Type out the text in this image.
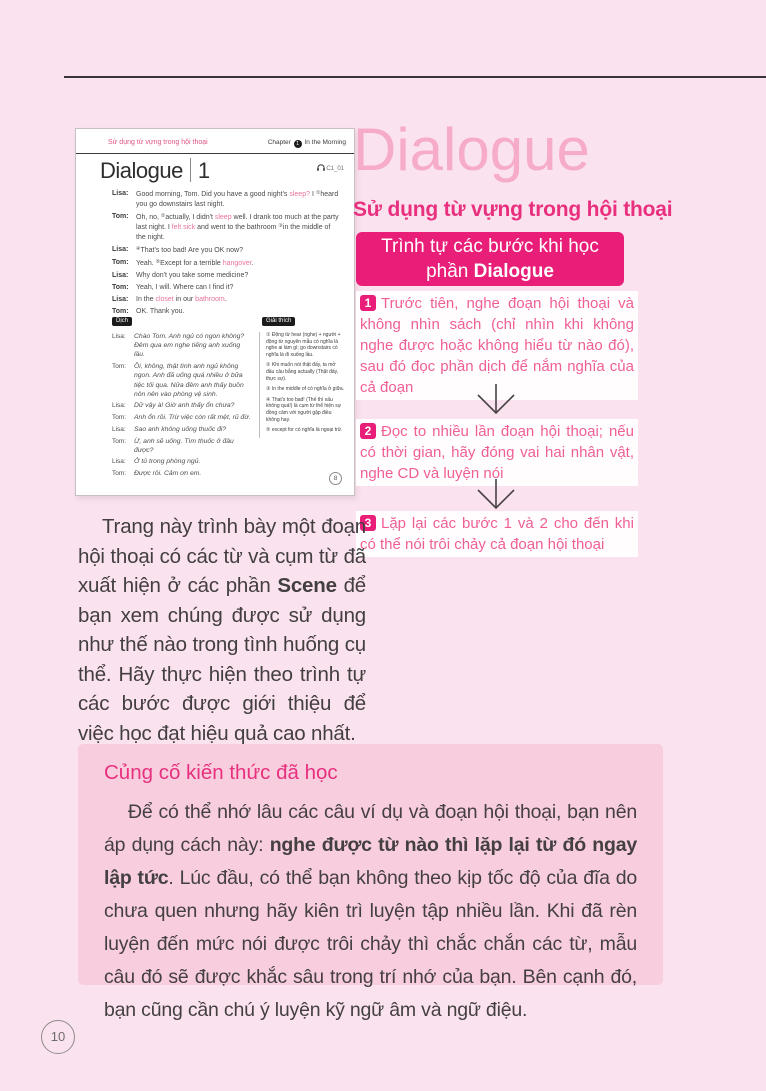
Sử dụng từ vựng trong hội thoại	Chapter 1 In the Morning
Dialogue 1	C1_01
Lisa:	Good morning, Tom. Did you have a good night's sleep? I ①heard you go downstairs last night.
Tom:	Oh, no, ②actually, I didn't sleep well. I drank too much at the party last night. I felt sick and went to the bathroom ③in the middle of the night.
Lisa:	④That's too bad! Are you OK now?
Tom:	Yeah. ⑤Except for a terrible hangover.
Lisa:	Why don't you take some medicine?
Tom:	Yeah, I will. Where can I find it?
Lisa:	In the closet in our bathroom.
Tom:	OK. Thank you.
Dịch	Giải thích
Lisa:	Chào Tom. Anh ngủ có ngon không? Đêm qua em nghe tiếng anh xuống lầu.
Tom:	Ồi, không, thật tình anh ngủ không ngon. Anh đã uống quá nhiều ở bữa tiệc tối qua. Nửa đêm anh thấy buồn nôn nên vào phòng vệ sinh.
Lisa:	Dữ vậy à! Giờ anh thấy ổn chưa?
Tom:	Anh ổn rồi. Trừ việc còn rất mệt, rũ đừ.
Lisa:	Sao anh không uống thuốc đi?
Tom:	Ừ, anh sẽ uống. Tìm thuốc ở đâu được?
Lisa:	Ở tủ trong phòng ngủ.
Tom:	Được rồi. Cảm ơn em.
① Động từ hear (nghe) + người + động từ nguyên mẫu có nghĩa là nghe ai làm gì; go downstairs có nghĩa là đi xuống lầu.
② Khi muốn nói thật đấy, ta mở đầu câu bằng actually (Thật đấy, thực sự).
③ In the middle of có nghĩa ở giữa.
④ That's too bad! (Thế thì xấu không quá!) là cụm từ thể hiện sự đồng cảm với người gặp điều không hay.
⑤ except for có nghĩa là ngoại trừ.
8
Dialogue
Sử dụng từ vựng trong hội thoại
Trình tự các bước khi học
phần Dialogue
1 Trước tiên, nghe đoạn hội thoại và không nhìn sách (chỉ nhìn khi không nghe được hoặc không hiểu từ nào đó), sau đó đọc phần dịch để nắm nghĩa của cả đoạn
2 Đọc to nhiều lần đoạn hội thoại; nếu có thời gian, hãy đóng vai hai nhân vật, nghe CD và luyện nói
3 Lặp lại các bước 1 và 2 cho đến khi có thể nói trôi chảy cả đoạn hội thoại
Trang này trình bày một đoạn hội thoại có các từ và cụm từ đã xuất hiện ở các phần Scene để bạn xem chúng được sử dụng như thế nào trong tình huống cụ thể. Hãy thực hiện theo trình tự các bước được giới thiệu để việc học đạt hiệu quả cao nhất.
Củng cố kiến thức đã học
Để có thể nhớ lâu các câu ví dụ và đoạn hội thoại, bạn nên áp dụng cách này: nghe được từ nào thì lặp lại từ đó ngay lập tức. Lúc đầu, có thể bạn không theo kịp tốc độ của đĩa do chưa quen nhưng hãy kiên trì luyện tập nhiều lần. Khi đã rèn luyện đến mức nói được trôi chảy thì chắc chắn các từ, mẫu câu đó sẽ được khắc sâu trong trí nhớ của bạn. Bên cạnh đó, bạn cũng cần chú ý luyện kỹ ngữ âm và ngữ điệu.
10
